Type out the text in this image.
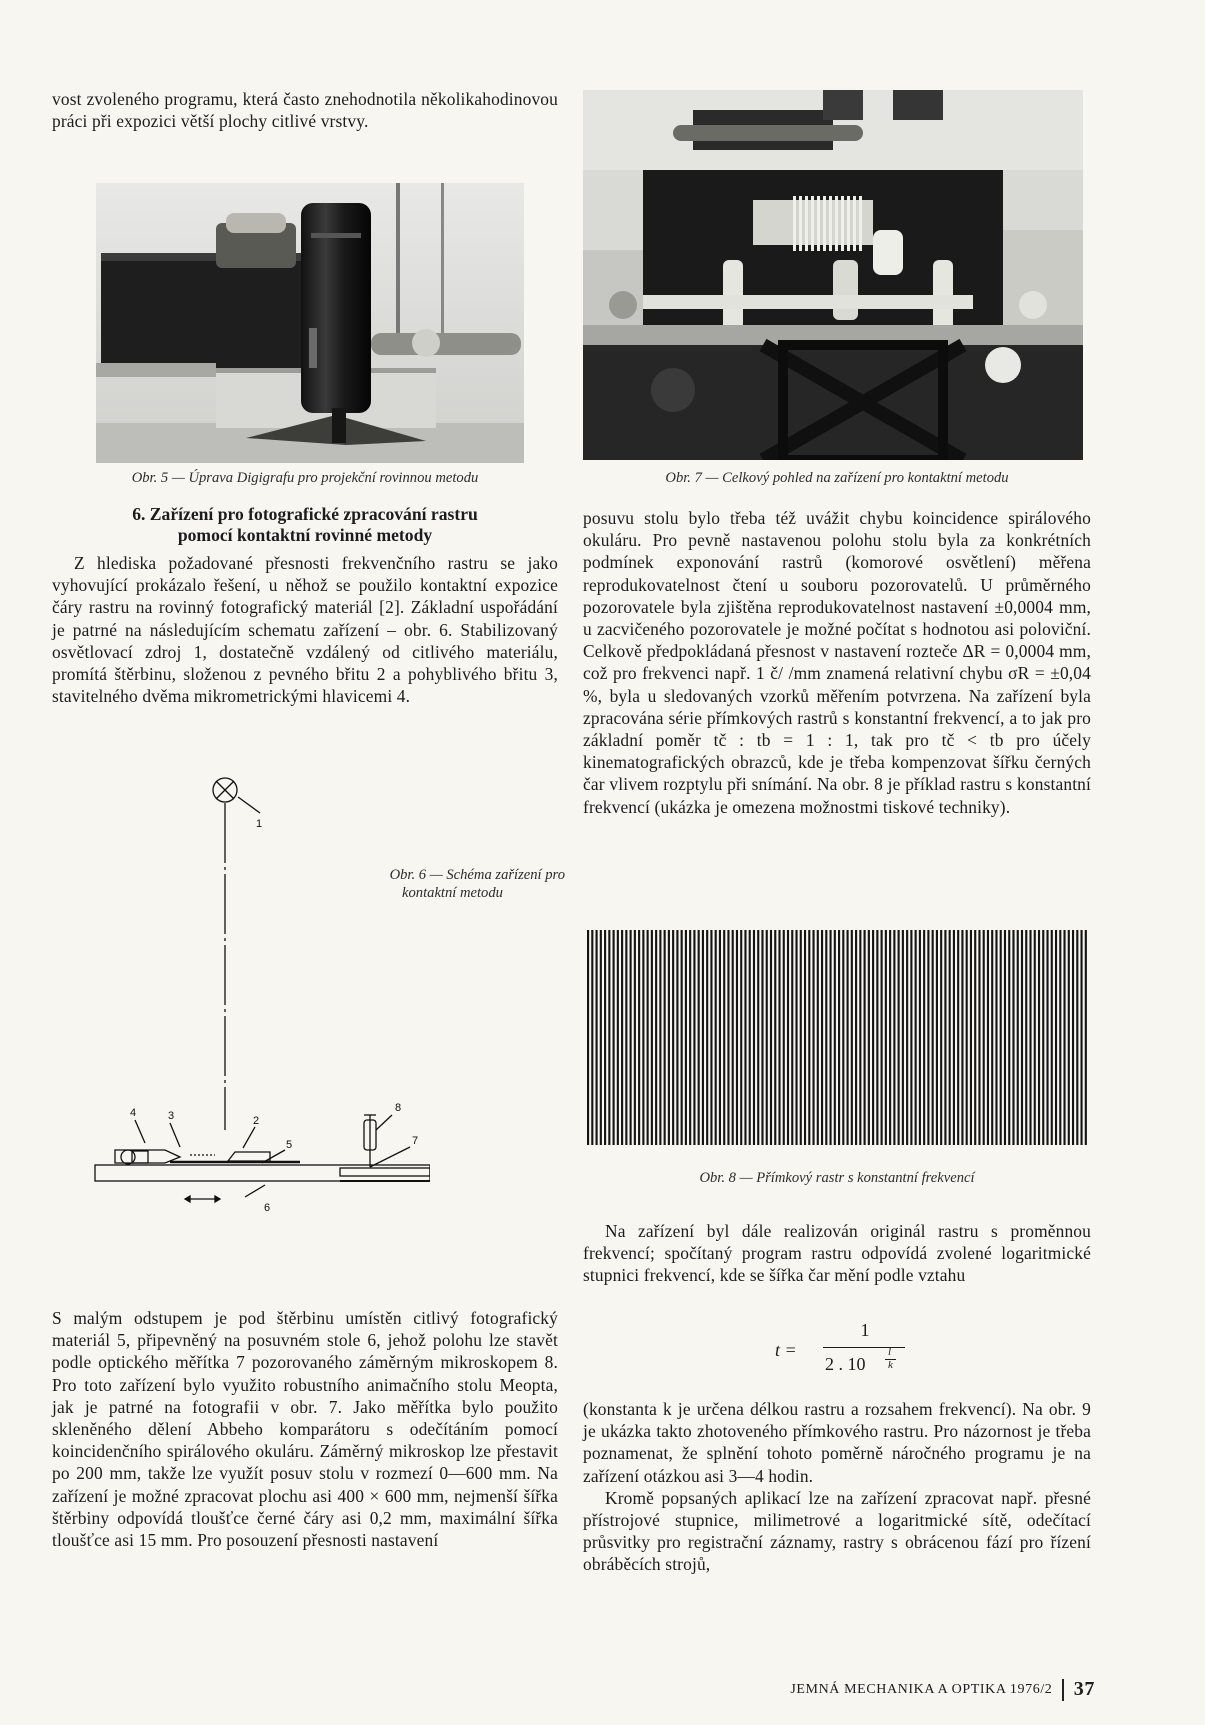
vost zvoleného programu, která často znehodnotila několikahodinovou práci při expozici větší plochy citlivé vrstvy.

Obr. 5 — Úprava Digigrafu pro projekční rovinnou metodu	Obr. 7 — Celkový pohled na zařízení pro kontaktní metodu
6. Zařízení pro fotografické zpracování rastru
pomocí kontaktní rovinné metody

Z hlediska požadované přesnosti frekvenčního rastru se jako vyhovující prokázalo řešení, u něhož se použilo kontaktní expozice čáry rastru na rovinný fotografický materiál [2]. Základní uspořádání je patrné na následujícím schematu zařízení – obr. 6. Stabilizovaný osvětlovací zdroj 1, dostatečně vzdálený od citlivého materiálu, promítá štěrbinu, složenou z pevného břitu 2 a pohyblivého břitu 3, stavitelného dvěma mikrometrickými hlavicemi 4.

1
2
3
4
5
6
7
8
Obr. 6 — Schéma zařízení pro
kontaktní metodu

S malým odstupem je pod štěrbinu umístěn citlivý fotografický materiál 5, připevněný na posuvném stole 6, jehož polohu lze stavět podle optického měřítka 7 pozorovaného záměrným mikroskopem 8. Pro toto zařízení bylo využito robustního animačního stolu Meopta, jak je patrné na fotografii v obr. 7. Jako měřítka bylo použito skleněného dělení Abbeho komparátoru s odečítáním pomocí koincidenčního spirálového okuláru. Záměrný mikroskop lze přestavit po 200 mm, takže lze využít posuv stolu v rozmezí 0—600 mm. Na zařízení je možné zpracovat plochu asi 400 × 600 mm, nejmenší šířka štěrbiny odpovídá tloušťce černé čáry asi 0,2 mm, maximální šířka tloušťce asi 15 mm. Pro posouzení přesnosti nastavení

posuvu stolu bylo třeba též uvážit chybu koincidence spirálového okuláru. Pro pevně nastavenou polohu stolu byla za konkrétních podmínek exponování rastrů (komorové osvětlení) měřena reprodukovatelnost čtení u souboru pozorovatelů. U průměrného pozorovatele byla zjištěna reprodukovatelnost nastavení ±0,0004 mm, u zacvičeného pozorovatele je možné počítat s hodnotou asi poloviční. Celkově předpokládaná přesnost v nastavení rozteče ΔR = 0,0004 mm, což pro frekvenci např. 1 č/ /mm znamená relativní chybu σR = ±0,04 %, byla u sledovaných vzorků měřením potvrzena. Na zařízení byla zpracována série přímkových rastrů s konstantní frekvencí, a to jak pro základní poměr tč : tb = 1 : 1, tak pro tč < tb pro účely kinematografických obrazců, kde je třeba kompenzovat šířku černých čar vlivem rozptylu při snímání. Na obr. 8 je příklad rastru s konstantní frekvencí (ukázka je omezena možnostmi tiskové techniky).

Obr. 8 — Přímkový rastr s konstantní frekvencí

Na zařízení byl dále realizován originál rastru s proměnnou frekvencí; spočítaný program rastru odpovídá zvolené logaritmické stupnici frekvencí, kde se šířka čar mění podle vztahu

t =
1
2 . 10
l
k

(konstanta k je určena délkou rastru a rozsahem frekvencí). Na obr. 9 je ukázka takto zhotoveného přímkového rastru. Pro názornost je třeba poznamenat, že splnění tohoto poměrně náročného programu je na zařízení otázkou asi 3—4 hodin.

Kromě popsaných aplikací lze na zařízení zpracovat např. přesné přístrojové stupnice, milimetrové a logaritmické sítě, odečítací průsvitky pro registrační záznamy, rastry s obrácenou fází pro řízení obráběcích strojů,

JEMNÁ MECHANIKA A OPTIKA 1976/2 37
